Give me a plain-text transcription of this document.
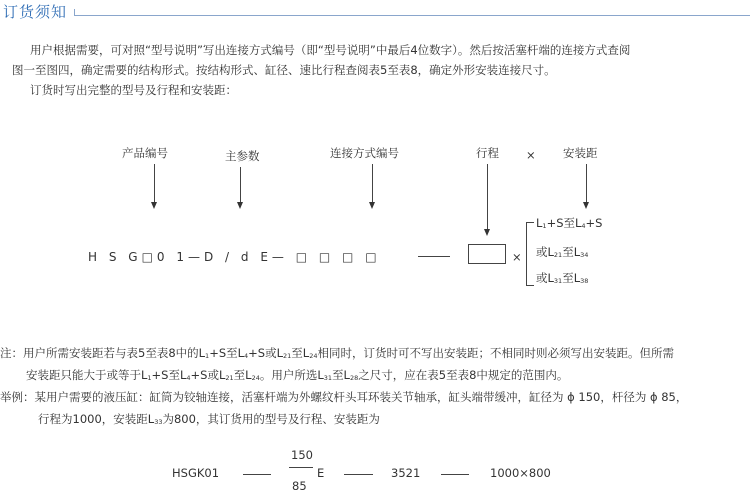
订货须知
用户根据需要，可对照“型号说明”写出连接方式编号（即“型号说明”中最后4位数字）。然后按活塞杆端的连接方式查阅
图一至图四，确定需要的结构形式。按结构形式、缸径、速比行程查阅表5至表8，确定外形安装连接尺寸。
订货时写出完整的型号及行程和安装距：
产品编号	主参数	连接方式编号	行程 × 安装距
H S G□0 1—D / d E— □ □ □ □	×
$L_1+S$至$L_4+S$
或$L_{21}$至$L_{34}$
或$L_{31}$至$L_{38}$
注：用户所需安装距若与表5至表8中的$L_1+S$至$L_4+S$或$L_{21}$至$L_{24}$相同时，订货时可不写出安装距；不相同时则必须写出安装距。但所需
安装距只能大于或等于$L_1+S$至$L_4+S$或$L_{21}$至$L_{24}$。用户所选$L_{31}$至$L_{28}$之尺寸，应在表5至表8中规定的范围内。
举例：某用户需要的液压缸：缸筒为铰轴连接，活塞杆端为外螺纹杆头耳环装关节轴承，缸头端带缓冲，缸径为 ϕ 150，杆径为 ϕ 85，
行程为1000，安装距$L_{33}$为800，其订货用的型号及行程、安装距为
HSGK01
150
85
E	3521	1000×800
